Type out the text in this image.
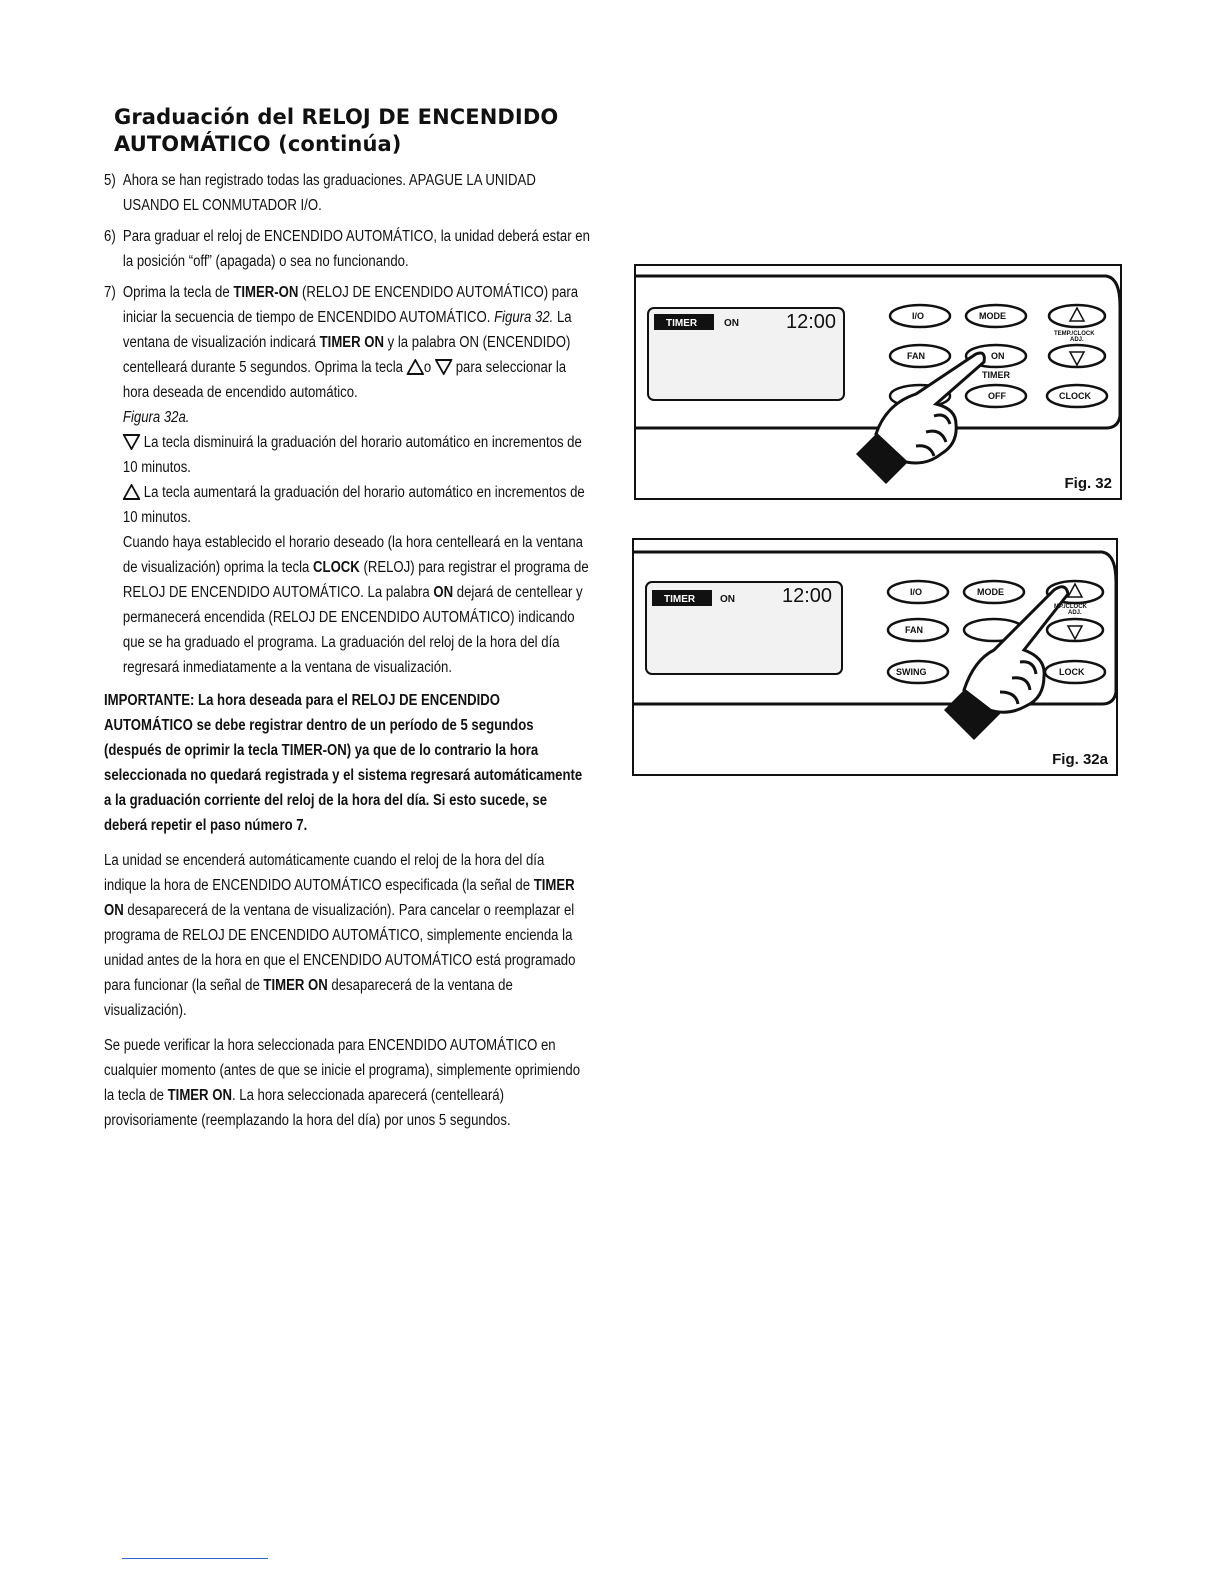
Graduación del RELOJ DE ENCENDIDO
AUTOMÁTICO (continúa)
5) Ahora se han registrado todas las graduaciones. APAGUE LA UNIDAD USANDO EL CONMUTADOR I/O.
6) Para graduar el reloj de ENCENDIDO AUTOMÁTICO, la unidad deberá estar en la posición “off” (apagada) o sea no funcionando.
7) Oprima la tecla de TIMER-ON (RELOJ DE ENCENDIDO AUTOMÁTICO) para iniciar la secuencia de tiempo de ENCENDIDO AUTOMÁTICO. Figura 32. La ventana de visualización indicará TIMER ON y la palabra ON (ENCENDIDO) centelleará durante 5 segundos. Oprima la tecla o  para seleccionar la hora deseada de encendido automático.
Figura 32a.
La tecla disminuirá la graduación del horario automático en incrementos de 10 minutos.
La tecla aumentará la graduación del horario automático en incrementos de 10 minutos.
Cuando haya establecido el horario deseado (la hora centelleará en la ventana de visualización) oprima la tecla CLOCK (RELOJ) para registrar el programa de RELOJ DE ENCENDIDO AUTOMÁTICO. La palabra ON dejará de centellear y permanecerá encendida (RELOJ DE ENCENDIDO AUTOMÁTICO) indicando que se ha graduado el programa. La graduación del reloj de la hora del día regresará inmediatamente a la ventana de visualización.
IMPORTANTE: La hora deseada para el RELOJ DE ENCENDIDO AUTOMÁTICO se debe registrar dentro de un período de 5 segundos (después de oprimir la tecla TIMER-ON) ya que de lo contrario la hora seleccionada no quedará registrada y el sistema regresará automáticamente a la graduación corriente del reloj de la hora del día. Si esto sucede, se deberá repetir el paso número 7.
La unidad se encenderá automáticamente cuando el reloj de la hora del día indique la hora de ENCENDIDO AUTOMÁTICO especificada (la señal de TIMER ON desaparecerá de la ventana de visualización). Para cancelar o reemplazar el programa de RELOJ DE ENCENDIDO AUTOMÁTICO, simplemente encienda la unidad antes de la hora en que el ENCENDIDO AUTOMÁTICO está programado para funcionar (la señal de TIMER ON desaparecerá de la ventana de visualización).
Se puede verificar la hora seleccionada para ENCENDIDO AUTOMÁTICO en cualquier momento (antes de que se inicie el programa), simplemente oprimiendo la tecla de TIMER ON. La hora seleccionada aparecerá (centelleará) provisoriamente (reemplazando la hora del día) por unos 5 segundos.
TIMER	ON 12:00	I/O	MODE
TEMP./CLOCK
ADJ.
FAN	ON
TIMER
OFF	CLOCK
Fig. 32
TIMER ON 12:00	I/O	MODE
MP./CLOCK
ADJ.
FAN
SWING	LOCK
Fig. 32a
